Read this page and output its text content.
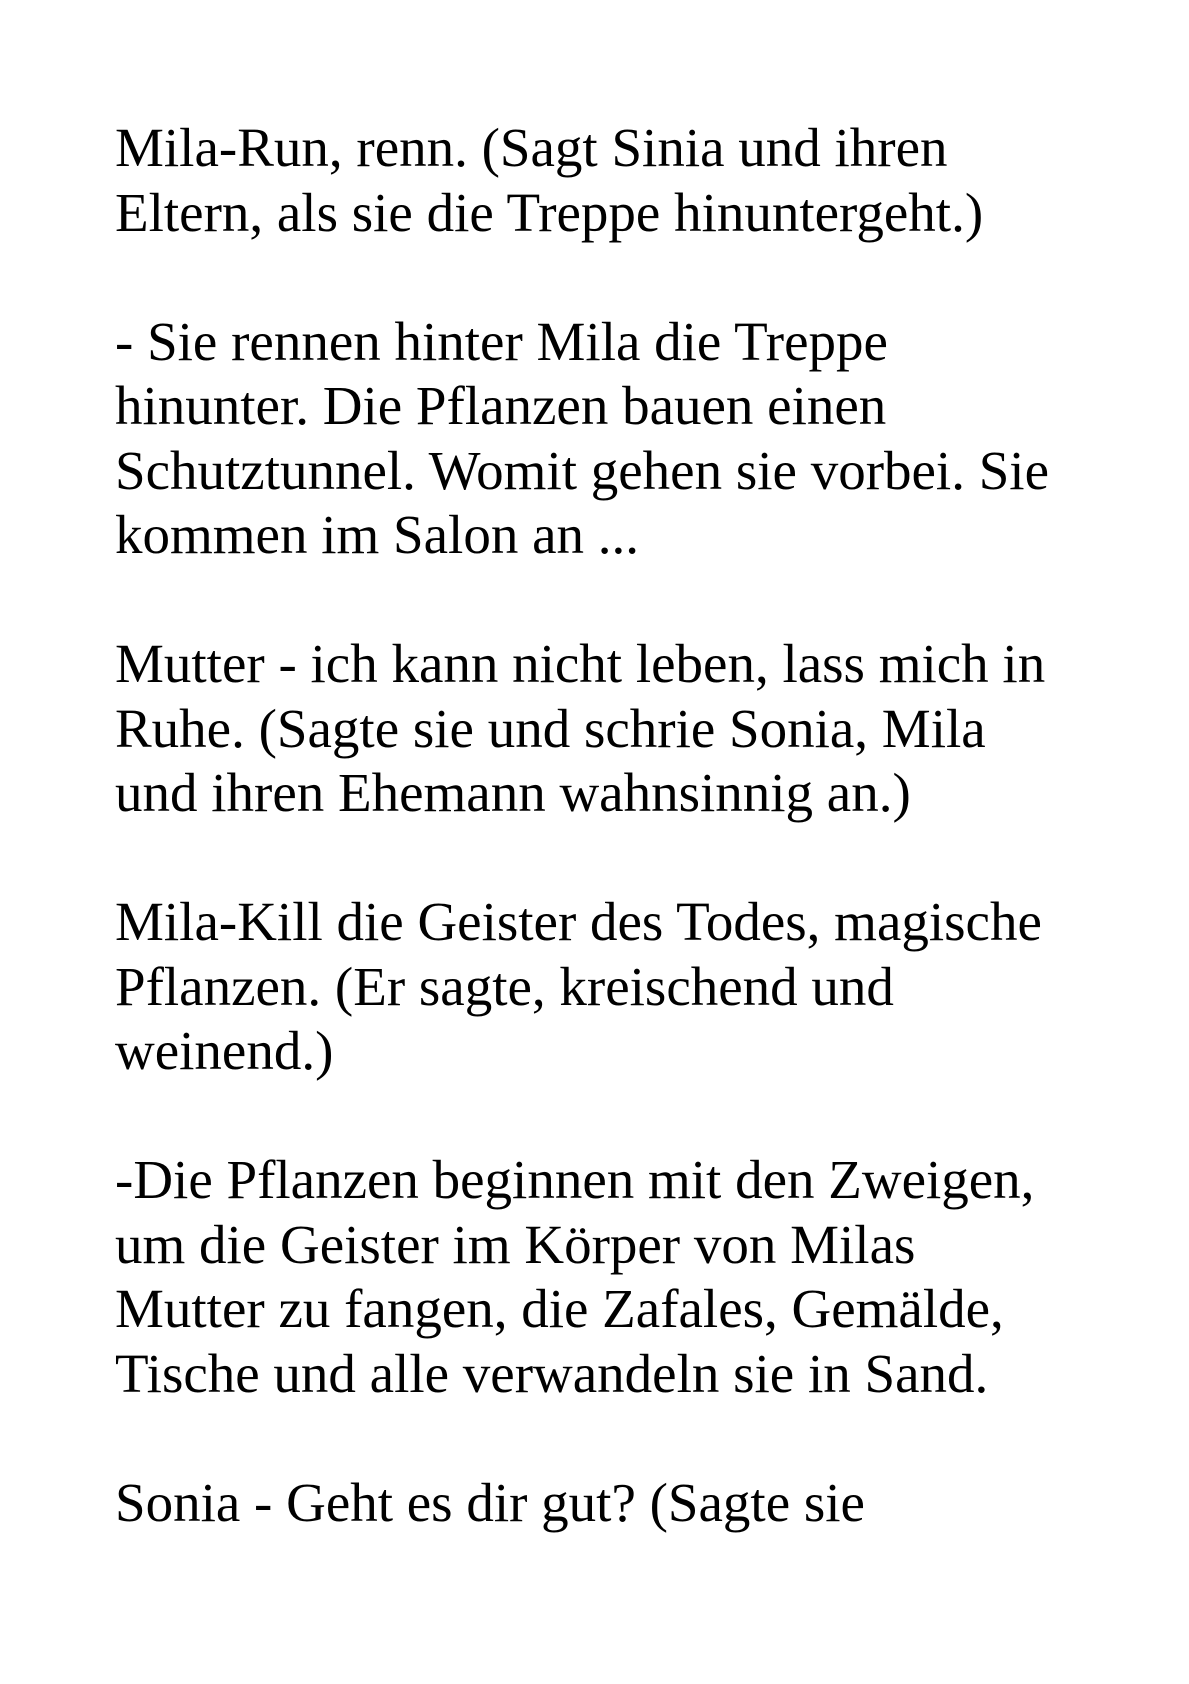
Mila-Run, renn. (Sagt Sinia und ihren
Eltern, als sie die Treppe hinuntergeht.)

- Sie rennen hinter Mila die Treppe
hinunter. Die Pflanzen bauen einen
Schutztunnel. Womit gehen sie vorbei. Sie
kommen im Salon an ...

Mutter - ich kann nicht leben, lass mich in
Ruhe. (Sagte sie und schrie Sonia, Mila
und ihren Ehemann wahnsinnig an.)

Mila-Kill die Geister des Todes, magische
Pflanzen. (Er sagte, kreischend und
weinend.)

-Die Pflanzen beginnen mit den Zweigen,
um die Geister im Körper von Milas
Mutter zu fangen, die Zafales, Gemälde,
Tische und alle verwandeln sie in Sand.

Sonia - Geht es dir gut? (Sagte sie
